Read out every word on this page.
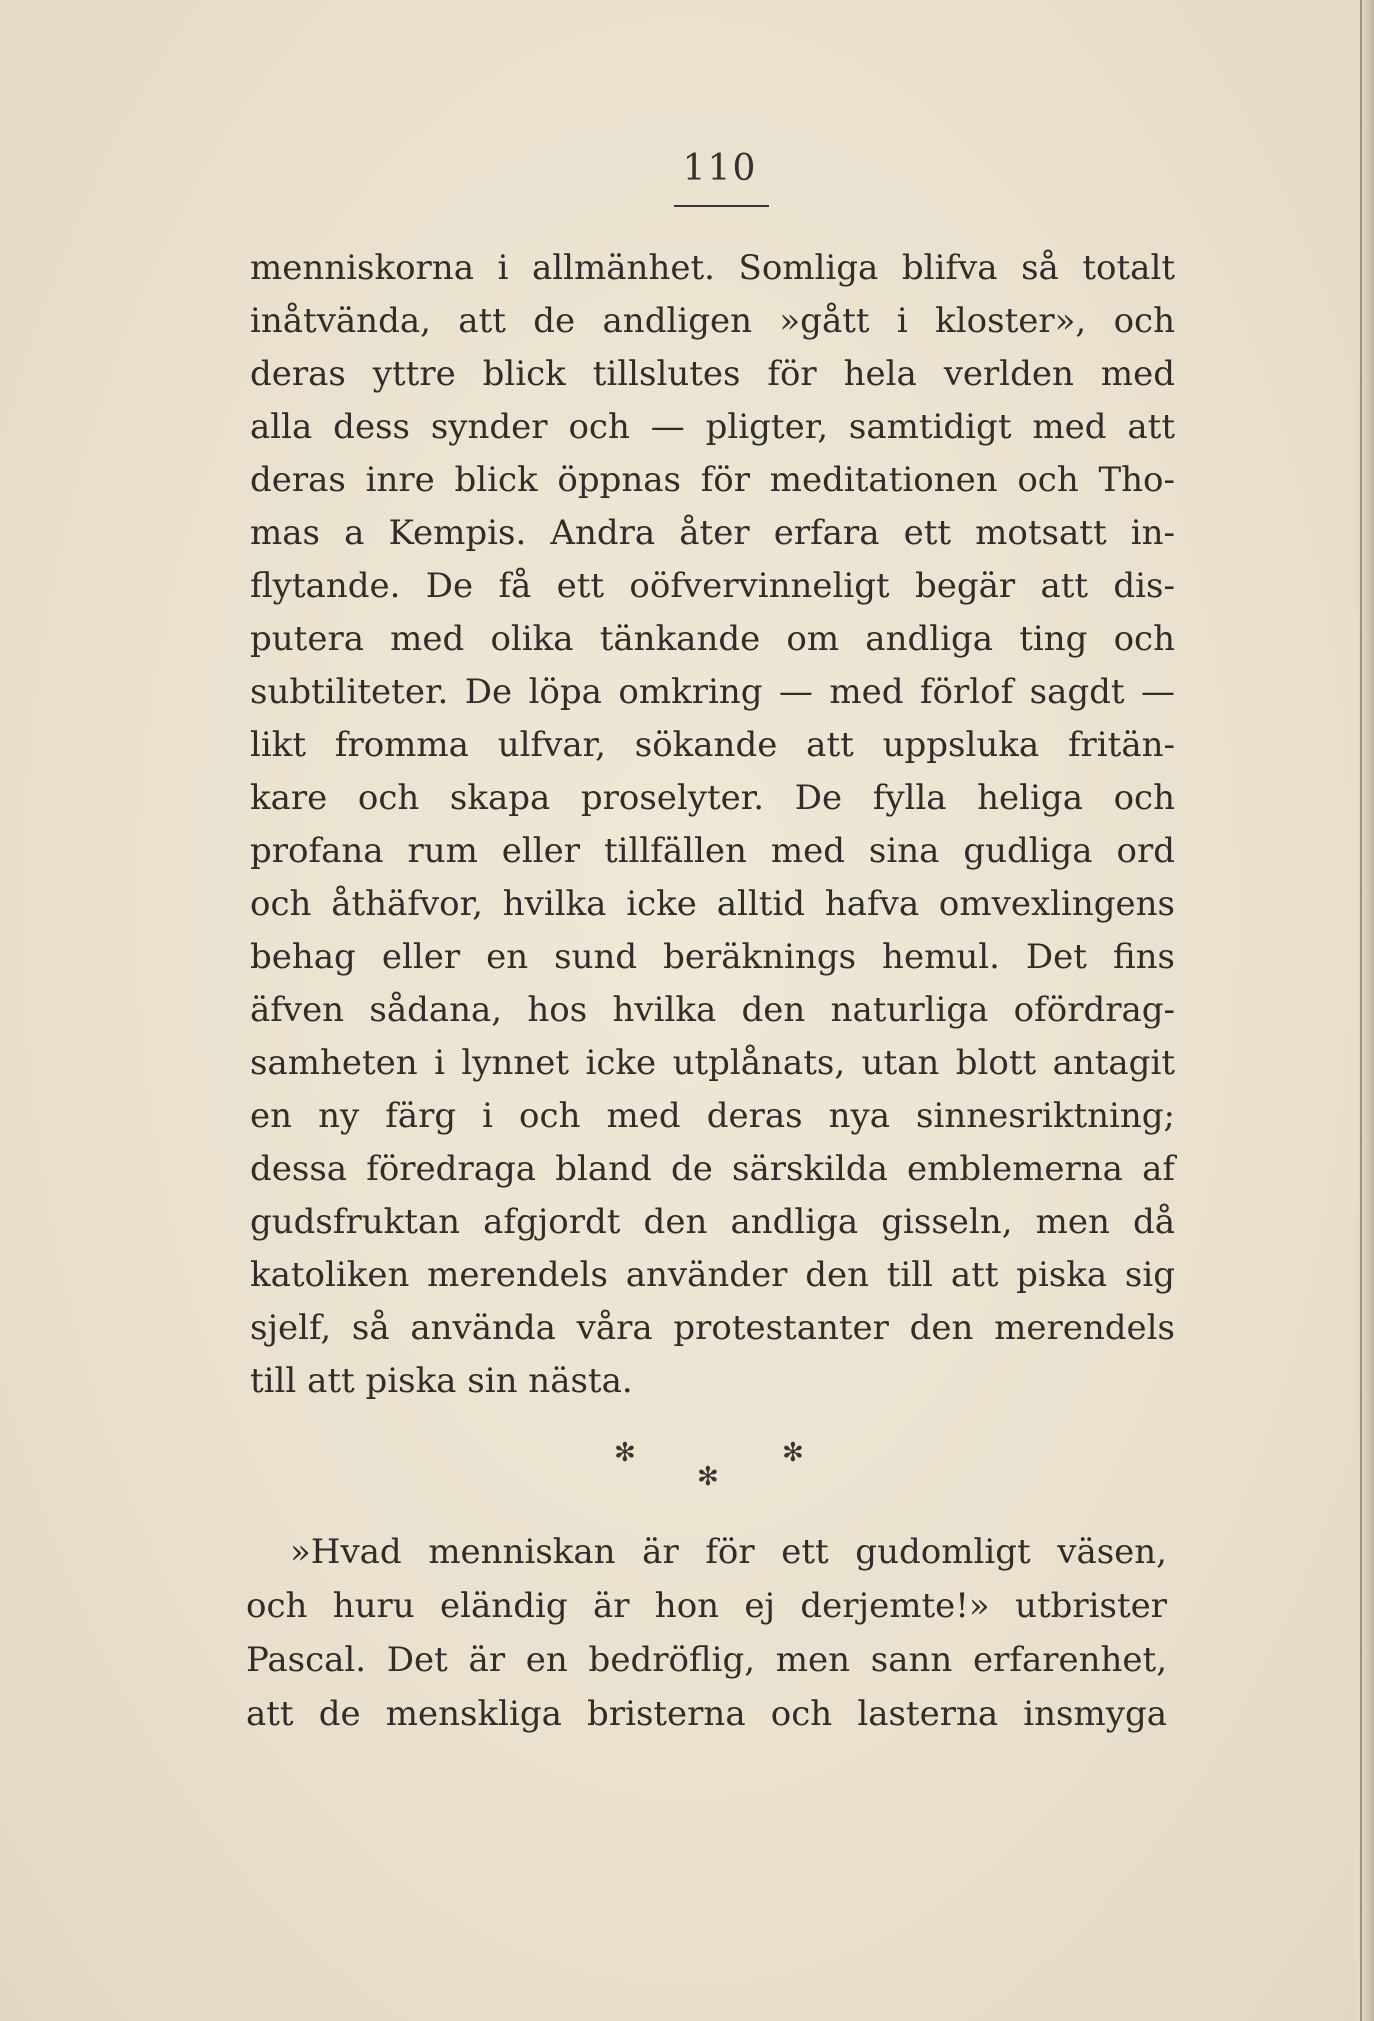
110
menniskorna i allmänhet. Somliga blifva så totalt
inåtvända, att de andligen »gått i kloster», och
deras yttre blick tillslutes för hela verlden med
alla dess synder och — pligter, samtidigt med att
deras inre blick öppnas för meditationen och Tho-
mas a Kempis. Andra åter erfara ett motsatt in-
flytande. De få ett oöfvervinneligt begär att dis-
putera med olika tänkande om andliga ting och
subtiliteter. De löpa omkring — med förlof sagdt —
likt fromma ulfvar, sökande att uppsluka fritän-
kare och skapa proselyter. De fylla heliga och
profana rum eller tillfällen med sina gudliga ord
och åthäfvor, hvilka icke alltid hafva omvexlingens
behag eller en sund beräknings hemul. Det fins
äfven sådana, hos hvilka den naturliga ofördrag-
samheten i lynnet icke utplånats, utan blott antagit
en ny färg i och med deras nya sinnesriktning;
dessa föredraga bland de särskilda emblemerna af
gudsfruktan afgjordt den andliga gisseln, men då
katoliken merendels använder den till att piska sig
sjelf, så använda våra protestanter den merendels
till att piska sin nästa.
✻	✻
✻
»Hvad menniskan är för ett gudomligt väsen,
och huru eländig är hon ej derjemte!» utbrister
Pascal. Det är en bedröflig, men sann erfarenhet,
att de menskliga bristerna och lasterna insmyga
